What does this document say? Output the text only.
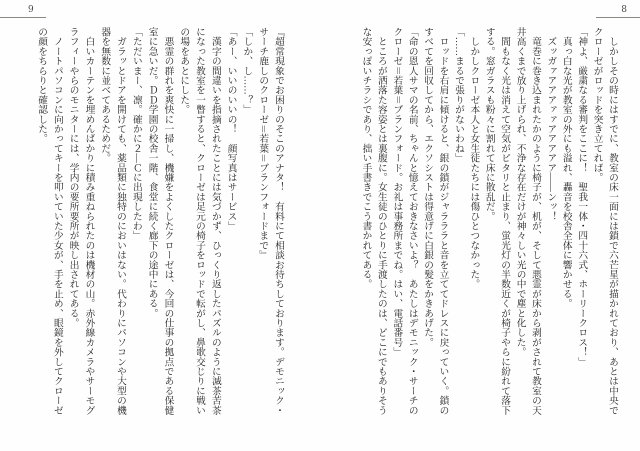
9	8

　しかしその時にはすでに、教室の床一面には鎖で六芒星が描かれており、あとは中央で

クローゼがロッドを突き立てれば。

「神よ、厳粛なる審判をここに！　聖我一体・四十六式、ホーリークロス！」

　真っ白な光が教室の外にも溢れ、轟音を校舎全体に響かせる。

　ズッガァアアアァァアアアアア――ンッ！

　竜巻に巻き込まれたかのように椅子が、机が、そして悪霊が床から剥がされて教室の天

井高くまで放り上げられ、不浄な存在だけが神々しい光の中で塵と化した。

　間もなく光は消えて空気がピタリと止まり、蛍光灯の半数近くが椅子やらに紛れて落下

する。窓ガラスも粉々に割れて床に散乱だ。

　しかしクローゼ本人と女生徒たちには傷ひとつなかった。

「……まるで張りがないわね」

　ロッドを右肩に傾けると、銀の鎖がジャラララと音を立ててドレスに戻っていく。鎖の

すべてを回収してから、エクソシストは得意げに白銀の髪をかきあげた。

「命の恩人サマの名前、ちゃんと憶えておきなさいよ？　あたしはデモニック・サーチの

クローゼ＝若葉＝ブランフォード。お礼は事務所までね。はい、電話番号」

　ところが洒落た容姿とは裏腹に。女生徒のひとりに手渡したのは、どこにでもありそう

な安っぽいチラシであり、拙い手書きでこう書かれてある。

『超常現象でお困りのそこのアナタ！　有料にて相談お待ちしております。デモニック・

サーチ鹿しのクローゼ＝若葉＝ブランフォードまで』

「しか、し……？」

「あー、いいのいいの！　顔写真はサービス」

　漢字の間違いを指摘されたことには気づかず、ひっくり返したパズルのように滅茶苦茶

になった教室を一瞥すると、クローゼは足元の椅子をロッドで転がし、鼻歌交じりに戦い

の場をあとにした。

　悪霊の群れを爽快に一掃し、機嫌をよくしたクローゼは、今回の仕事の拠点である保健

室に急いだ。ＤＤ学園の校舎一階、食堂に続く廊下の途中にある。

「ただいまー、凛。確かに２―Ｃに出現したわ」

　ガラッとドアを開けても、薬品類に独特のにおいはない。代わりにパソコンや大型の機

器を無数に並べてあるためだ。

　白いカーテンを埋めんばかりに積み重ねられたのは機材の山。赤外線カメラやサーモグ

ラフィーやらのモニターには、学内の要所要所が映し出されてある。

　ノートパソコンに向かってキーを叩いていた少女が、手を止め、眼鏡を外してクローゼ

の顔をちらりと確認した。
